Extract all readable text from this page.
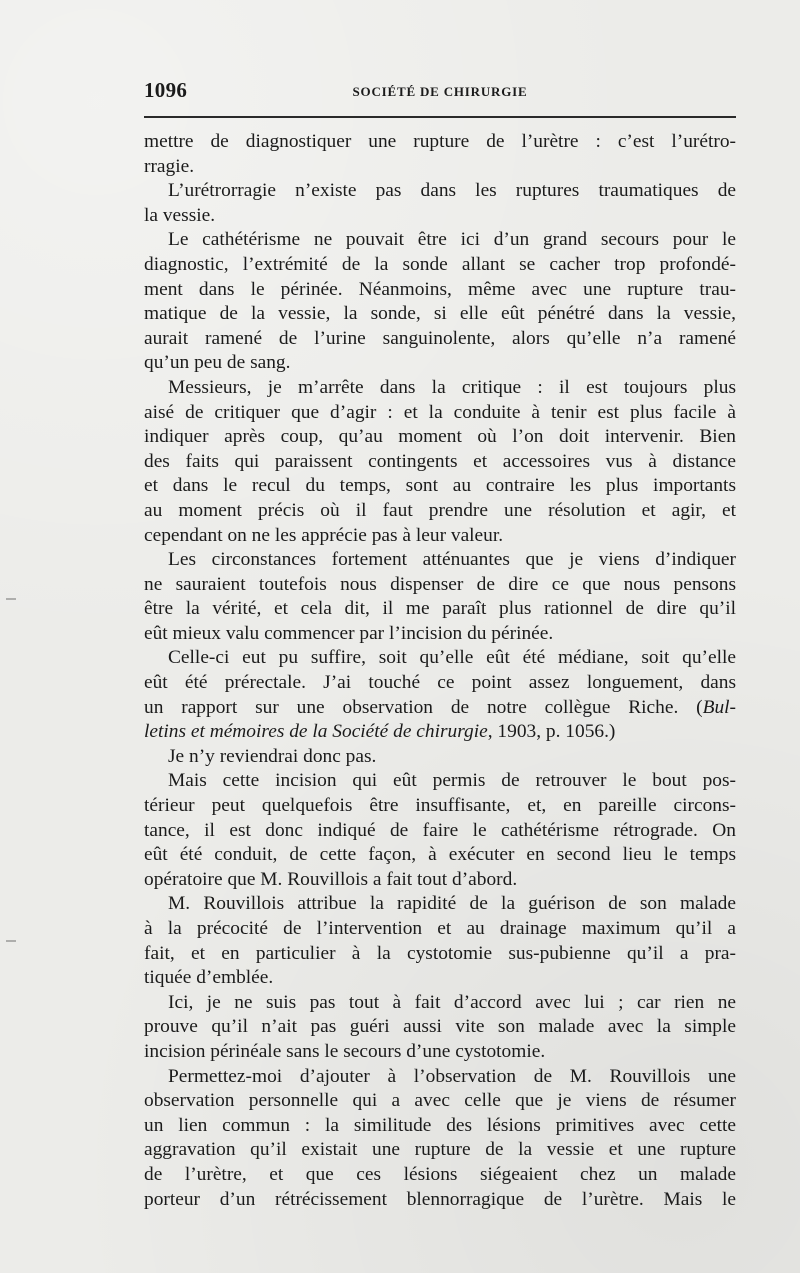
1096	SOCIÉTÉ DE CHIRURGIE
mettre de diagnostiquer une rupture de l’urètre : c’est l’urétro-
rragie.
L’urétrorragie n’existe pas dans les ruptures traumatiques de
la vessie.
Le cathétérisme ne pouvait être ici d’un grand secours pour le
diagnostic, l’extrémité de la sonde allant se cacher trop profondé-
ment dans le périnée. Néanmoins, même avec une rupture trau-
matique de la vessie, la sonde, si elle eût pénétré dans la vessie,
aurait ramené de l’urine sanguinolente, alors qu’elle n’a ramené
qu’un peu de sang.
Messieurs, je m’arrête dans la critique : il est toujours plus
aisé de critiquer que d’agir : et la conduite à tenir est plus facile à
indiquer après coup, qu’au moment où l’on doit intervenir. Bien
des faits qui paraissent contingents et accessoires vus à distance
et dans le recul du temps, sont au contraire les plus importants
au moment précis où il faut prendre une résolution et agir, et
cependant on ne les apprécie pas à leur valeur.
Les circonstances fortement atténuantes que je viens d’indiquer
ne sauraient toutefois nous dispenser de dire ce que nous pensons
être la vérité, et cela dit, il me paraît plus rationnel de dire qu’il
eût mieux valu commencer par l’incision du périnée.
Celle-ci eut pu suffire, soit qu’elle eût été médiane, soit qu’elle
eût été prérectale. J’ai touché ce point assez longuement, dans
un rapport sur une observation de notre collègue Riche. (Bul-
letins et mémoires de la Société de chirurgie, 1903, p. 1056.)
Je n’y reviendrai donc pas.
Mais cette incision qui eût permis de retrouver le bout pos-
térieur peut quelquefois être insuffisante, et, en pareille circons-
tance, il est donc indiqué de faire le cathétérisme rétrograde. On
eût été conduit, de cette façon, à exécuter en second lieu le temps
opératoire que M. Rouvillois a fait tout d’abord.
M. Rouvillois attribue la rapidité de la guérison de son malade
à la précocité de l’intervention et au drainage maximum qu’il a
fait, et en particulier à la cystotomie sus-pubienne qu’il a pra-
tiquée d’emblée.
Ici, je ne suis pas tout à fait d’accord avec lui ; car rien ne
prouve qu’il n’ait pas guéri aussi vite son malade avec la simple
incision périnéale sans le secours d’une cystotomie.
Permettez-moi d’ajouter à l’observation de M. Rouvillois une
observation personnelle qui a avec celle que je viens de résumer
un lien commun : la similitude des lésions primitives avec cette
aggravation qu’il existait une rupture de la vessie et une rupture
de l’urètre, et que ces lésions siégeaient chez un malade
porteur d’un rétrécissement blennorragique de l’urètre. Mais le
